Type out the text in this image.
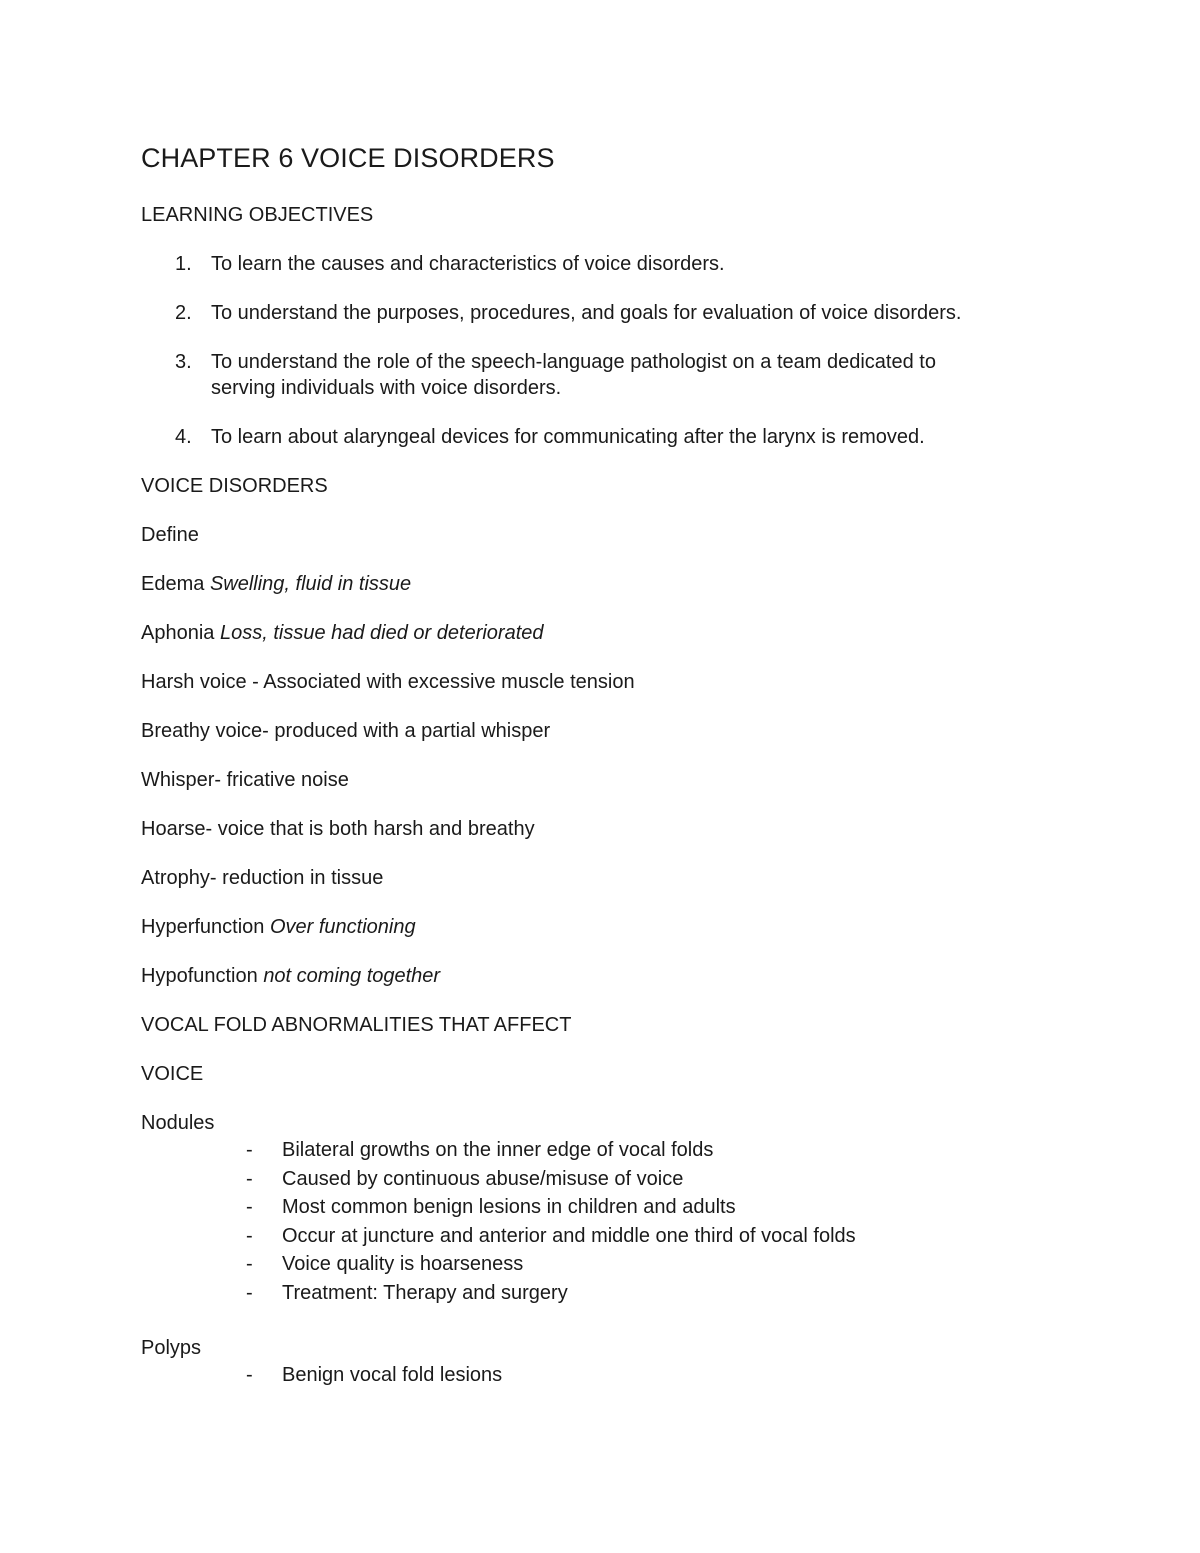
CHAPTER 6 VOICE DISORDERS

LEARNING OBJECTIVES

1. To learn the causes and characteristics of voice disorders.
2. To understand the purposes, procedures, and goals for evaluation of voice disorders.
3. To understand the role of the speech-language pathologist on a team dedicated to serving individuals with voice disorders.
4. To learn about alaryngeal devices for communicating after the larynx is removed.

VOICE DISORDERS

Define

Edema Swelling, fluid in tissue

Aphonia Loss, tissue had died or deteriorated

Harsh voice - Associated with excessive muscle tension

Breathy voice- produced with a partial whisper

Whisper- fricative noise

Hoarse- voice that is both harsh and breathy

Atrophy- reduction in tissue

Hyperfunction Over functioning

Hypofunction not coming together

VOCAL FOLD ABNORMALITIES THAT AFFECT

VOICE

Nodules
- Bilateral growths on the inner edge of vocal folds
- Caused by continuous abuse/misuse of voice
- Most common benign lesions in children and adults
- Occur at juncture and anterior and middle one third of vocal folds
- Voice quality is hoarseness
- Treatment: Therapy and surgery
Polyps
- Benign vocal fold lesions
